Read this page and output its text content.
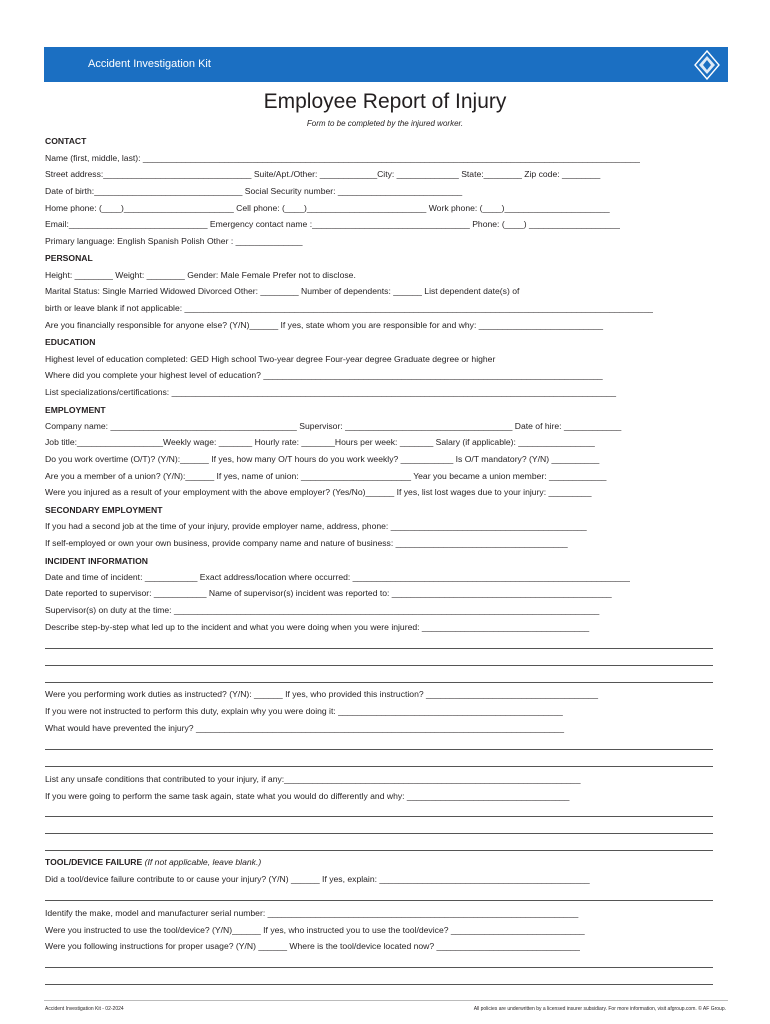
Accident Investigation Kit
Employee Report of Injury
Form to be completed by the injured worker.
CONTACT
Name (first, middle, last): ________________________________________________________________________________________________________
Street address:_______________________________ Suite/Apt./Other: ____________City: _____________ State:________ Zip code: ________
Date of birth:_______________________________ Social Security number: __________________________
Home phone: (____)_______________________ Cell phone: (____)_________________________ Work phone: (____)______________________
Email:_____________________________ Emergency contact name :_________________________________ Phone: (____) ___________________
Primary language: English Spanish Polish Other : ______________
PERSONAL
Height: ________ Weight: ________ Gender: Male Female Prefer not to disclose.
Marital Status: Single Married Widowed Divorced Other: ________ Number of dependents: ______ List dependent date(s) of
birth or leave blank if not applicable: __________________________________________________________________________________________________
Are you financially responsible for anyone else? (Y/N)______ If yes, state whom you are responsible for and why: __________________________
EDUCATION
Highest level of education completed: GED High school Two-year degree Four-year degree Graduate degree or higher
Where did you complete your highest level of education? _______________________________________________________________________
List specializations/certifications: _____________________________________________________________________________________________
EMPLOYMENT
Company name: _______________________________________ Supervisor: ___________________________________ Date of hire: ____________
Job title:__________________Weekly wage: _______ Hourly rate: _______Hours per week: _______ Salary (if applicable): ________________
Do you work overtime (O/T)? (Y/N):______ If yes, how many O/T hours do you work weekly? ___________ Is O/T mandatory? (Y/N) __________
Are you a member of a union? (Y/N):______ If yes, name of union: _______________________ Year you became a union member: ____________
Were you injured as a result of your employment with the above employer? (Yes/No)______ If yes, list lost wages due to your injury: _________
SECONDARY EMPLOYMENT
If you had a second job at the time of your injury, provide employer name, address, phone: _________________________________________
If self-employed or own your own business, provide company name and nature of business: ____________________________________
INCIDENT INFORMATION
Date and time of incident: ___________ Exact address/location where occurred: __________________________________________________________
Date reported to supervisor: ___________ Name of supervisor(s) incident was reported to: ______________________________________________
Supervisor(s) on duty at the time: _________________________________________________________________________________________
Describe step-by-step what led up to the incident and what you were doing when you were injured: ___________________________________
Were you performing work duties as instructed? (Y/N): ______ If yes, who provided this instruction? ____________________________________
If you were not instructed to perform this duty, explain why you were doing it: _______________________________________________
What would have prevented the injury? _____________________________________________________________________________
List any unsafe conditions that contributed to your injury, if any:______________________________________________________________
If you were going to perform the same task again, state what you would do differently and why: __________________________________
TOOL/DEVICE FAILURE (If not applicable, leave blank.)
Did a tool/device failure contribute to or cause your injury? (Y/N) ______ If yes, explain: ____________________________________________
Identify the make, model and manufacturer serial number: _________________________________________________________________
Were you instructed to use the tool/device? (Y/N)______ If yes, who instructed you to use the tool/device? ____________________________
Were you following instructions for proper usage? (Y/N) ______ Where is the tool/device located now? ______________________________
Accident Investigation Kit - 02-2024	All policies are underwritten by a licensed insurer subsidiary. For more information, visit afgroup.com. © AF Group.
